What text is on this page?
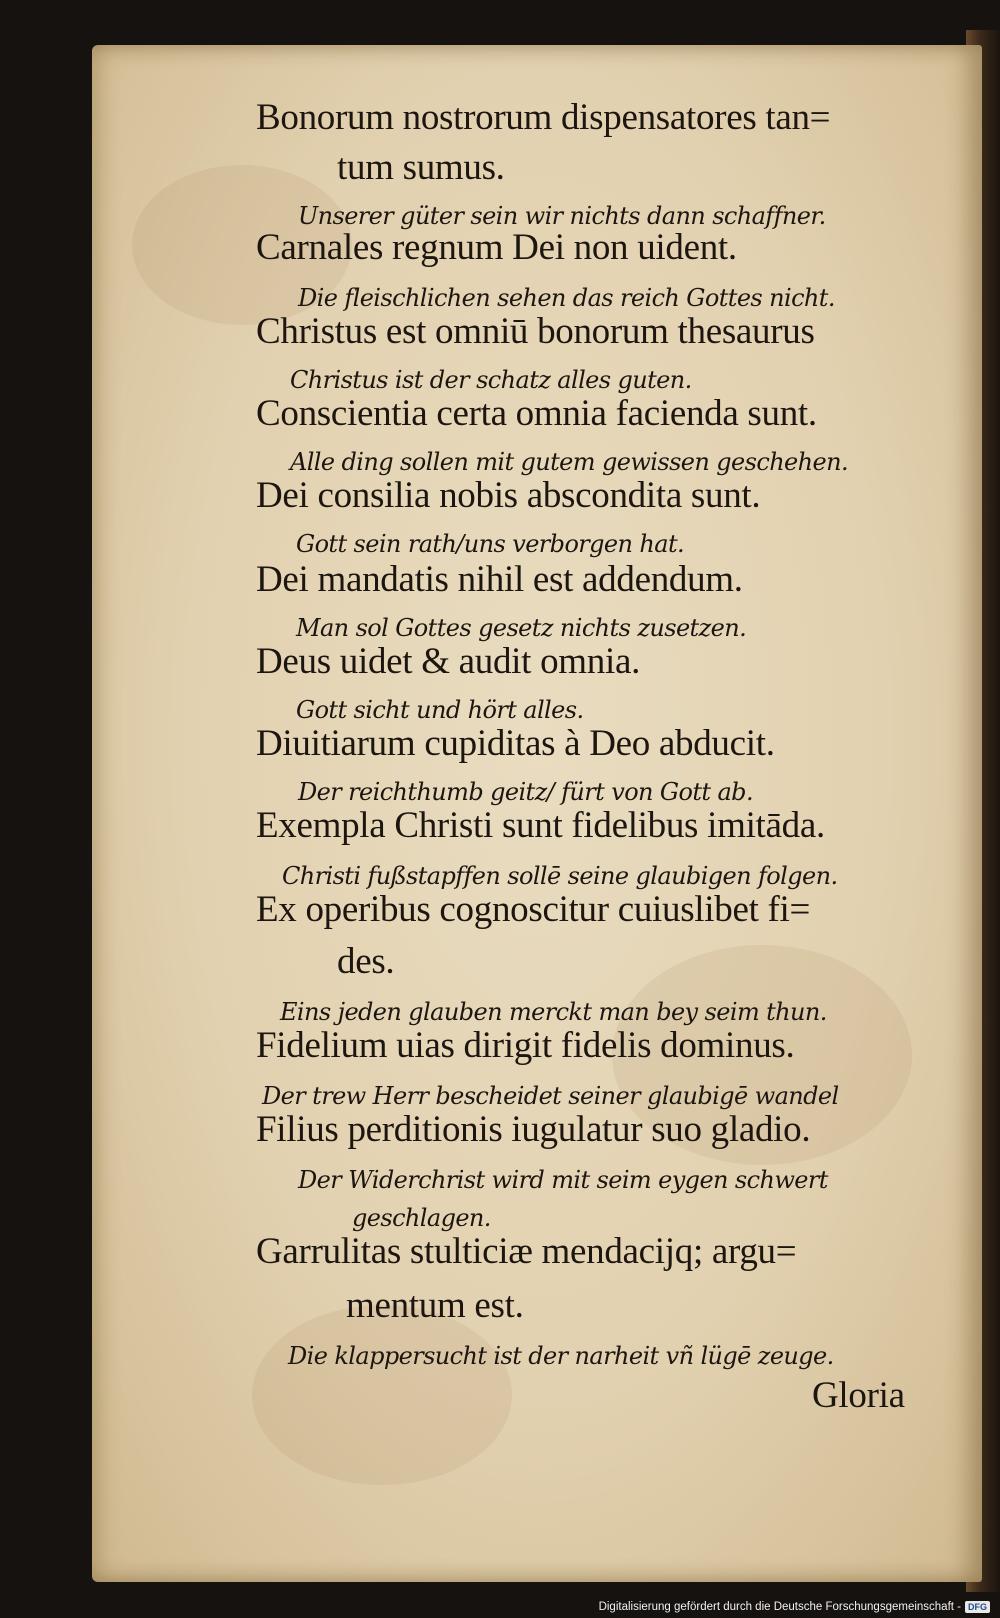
Bonorum nostrorum dispensatores tan=
tum sumus.
Unserer güter sein wir nichts dann schaffner.
Carnales regnum Dei non uident.
Die fleischlichen sehen das reich Gottes nicht.
Christus est omniū bonorum thesaurus
Christus ist der schatz alles guten.
Conscientia certa omnia facienda sunt.
Alle ding sollen mit gutem gewissen geschehen.
Dei consilia nobis abscondita sunt.
Gott sein rath/uns verborgen hat.
Dei mandatis nihil est addendum.
Man sol Gottes gesetz nichts zusetzen.
Deus uidet & audit omnia.
Gott sicht und hört alles.
Diuitiarum cupiditas à Deo abducit.
Der reichthumb geitz/ fürt von Gott ab.
Exempla Christi sunt fidelibus imitāda.
Christi fußstapffen sollē seine glaubigen folgen.
Ex operibus cognoscitur cuiuslibet fi=
des.
Eins jeden glauben merckt man bey seim thun.
Fidelium uias dirigit fidelis dominus.
Der trew Herr bescheidet seiner glaubigē wandel
Filius perditionis iugulatur suo gladio.
Der Widerchrist wird mit seim eygen schwert
geschlagen.
Garrulitas stulticiæ mendacijq; argu=
mentum est.
Die klappersucht ist der narheit vñ lügē zeuge.
Gloria
Digitalisierung gefördert durch die Deutsche Forschungsgemeinschaft - DFG
